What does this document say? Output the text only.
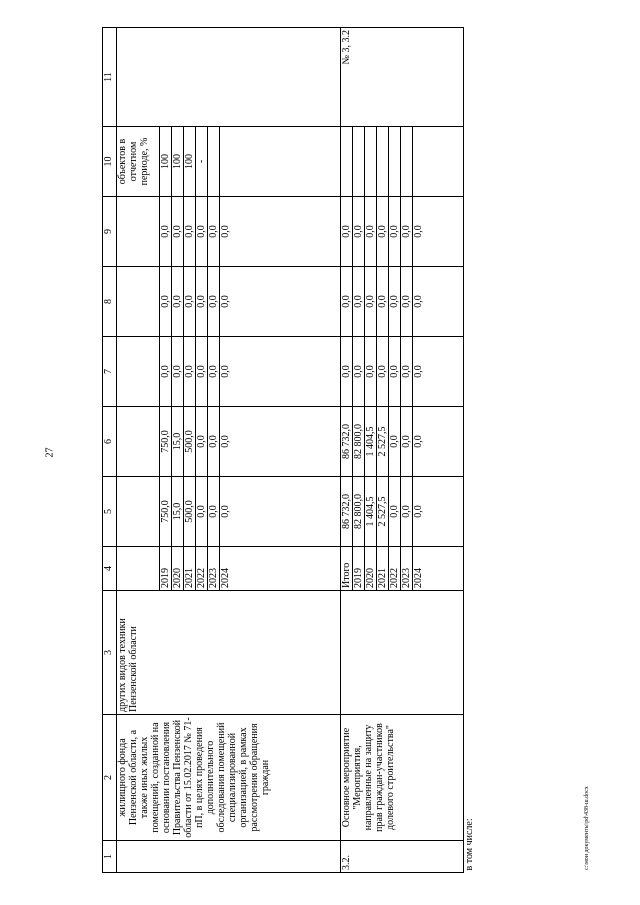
27
1	2	3	4	5	6	7	8	9	10	11
	жилищного фонда Пензенской области, а также иных жилых помещений, созданной на основании постановления Правительства Пензенской области от 15.02.2017 № 71-пП, в целях проведения дополнительного обследования помещений специализированной организацией, в рамках рассмотрения обращения граждан	других видов техники Пензенской области							объектов в отчетном периоде, %	
			2019	750,0	750,0	0,0	0,0	0,0	100	
			2020	15,0	15,0	0,0	0,0	0,0	100	
			2021	500,0	500,0	0,0	0,0	0,0	100	
			2022	0,0	0,0	0,0	0,0	0,0	-	
			2023	0,0	0,0	0,0	0,0	0,0		
			2024	0,0	0,0	0,0	0,0	0,0		
3.2.	Основное мероприятие "Мероприятия, направленные на защиту прав граждан-участников долевого строительства"		Итого	86 732,0	86 732,0	0,0	0,0	0,0		№ 3, 3.2
			2019	82 800,0	82 800,0	0,0	0,0	0,0		
			2020	1 404,5	1 404,5	0,0	0,0	0,0		
			2021	2 527,5	2 527,5	0,0	0,0	0,0		
			2022	0,0	0,0	0,0	0,0	0,0		
			2023	0,0	0,0	0,0	0,0	0,0		
			2024	0,0	0,0	0,0	0,0	0,0		
в том числе:											c:\мои документы\pd\438-ш.docx
